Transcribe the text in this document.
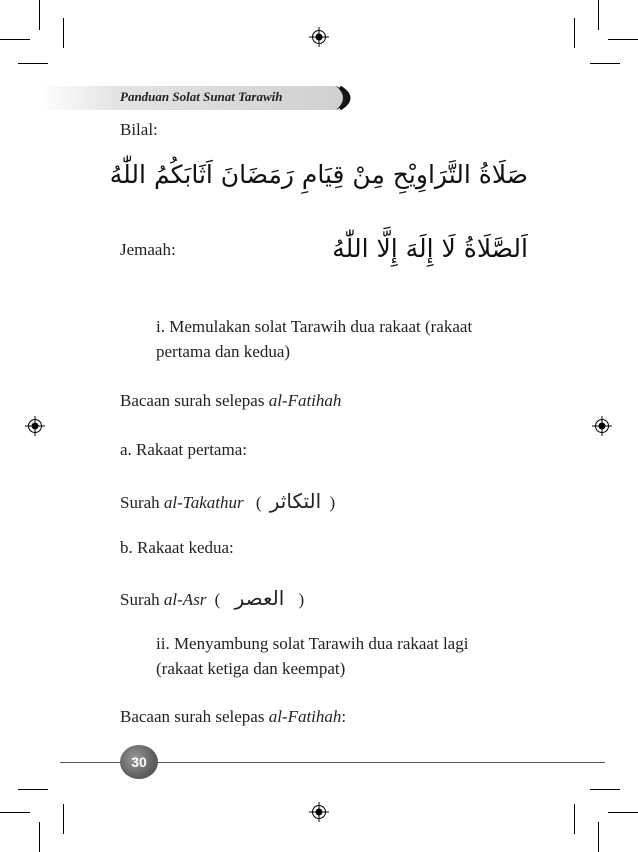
Panduan Solat Sunat Tarawih
Bilal:
صَلَاةُ التَّرَاوِيْحِ مِنْ قِيَامِ رَمَضَانَ اَثَابَكُمُ اللّٰهُ
Jemaah:	اَلصَّلَاةُ لَا إِلَهَ إِلَّا اللّٰهُ
i. Memulakan solat Tarawih dua rakaat (rakaat
pertama dan kedua)
Bacaan surah selepas al-Fatihah
a. Rakaat pertama:
Surah al-Takathur ( التكاثر )
b. Rakaat kedua:
Surah al-Asr ( العصر )
ii. Menyambung solat Tarawih dua rakaat lagi
(rakaat ketiga dan keempat)
Bacaan surah selepas al-Fatihah:
30
